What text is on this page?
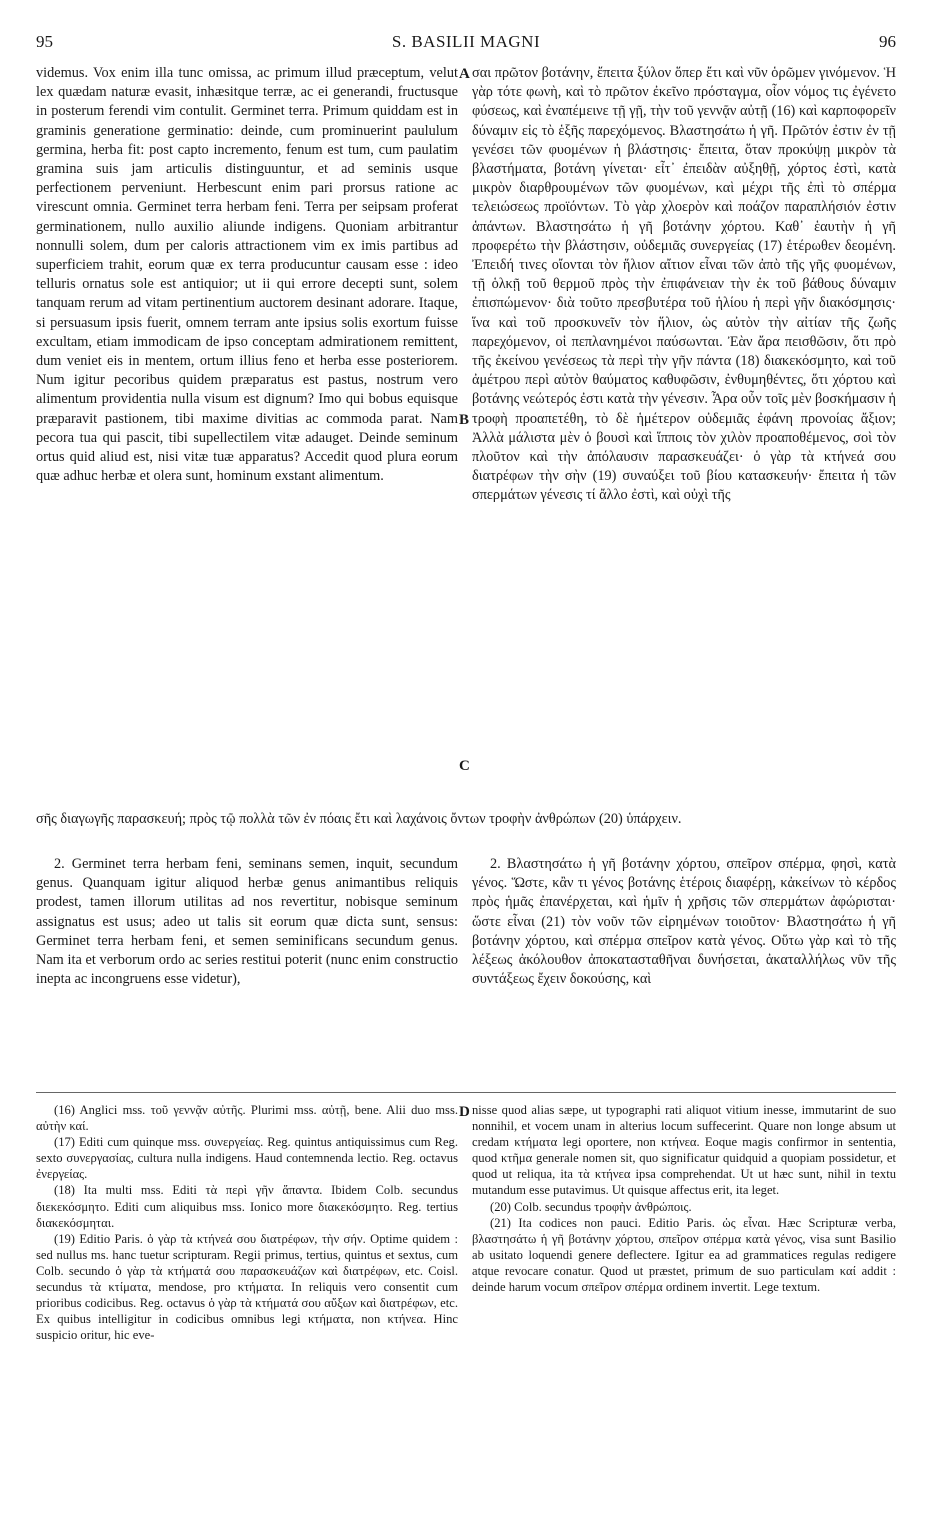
95	S. BASILII MAGNI	96

videmus. Vox enim illa tunc omissa, ac primum illud præceptum, velut lex quædam naturæ evasit, inhæsitque terræ, ac ei generandi, fructusque in posterum ferendi vim contulit. Germinet terra. Primum quiddam est in graminis generatione germinatio: deinde, cum prominuerint paululum germina, herba fit: post capto incremento, fenum est tum, cum paulatim gramina suis jam articulis distinguuntur, et ad seminis usque perfectionem perveniunt. Herbescunt enim pari prorsus ratione ac virescunt omnia. Germinet terra herbam feni. Terra per seipsam proferat germinationem, nullo auxilio aliunde indigens. Quoniam arbitrantur nonnulli solem, dum per caloris attractionem vim ex imis partibus ad superficiem trahit, eorum quæ ex terra producuntur causam esse : ideo telluris ornatus sole est antiquior; ut ii qui errore decepti sunt, solem tanquam rerum ad vitam pertinentium auctorem desinant adorare. Itaque, si persuasum ipsis fuerit, omnem terram ante ipsius solis exortum fuisse excultam, etiam immodicam de ipso conceptam admirationem remittent, dum veniet eis in mentem, ortum illius feno et herba esse posteriorem. Num igitur pecoribus quidem præparatus est pastus, nostrum vero alimentum providentia nulla visum est dignum? Imo qui bobus equisque præparavit pastionem, tibi maxime divitias ac commoda parat. Nam pecora tua qui pascit, tibi supellectilem vitæ adauget. Deinde seminum ortus quid aliud est, nisi vitæ tuæ apparatus? Accedit quod plura eorum quæ adhuc herbæ et olera sunt, hominum exstant alimentum.

A
B
C
D

σαι πρῶτον βοτάνην, ἔπειτα ξύλον ὅπερ ἔτι καὶ νῦν ὁρῶμεν γινόμενον. Ἡ γὰρ τότε φωνὴ, καὶ τὸ πρῶτον ἐκεῖνο πρόσταγμα, οἷον νόμος τις ἐγένετο φύσεως, καὶ ἐναπέμεινε τῇ γῇ, τὴν τοῦ γεννᾷν αὐτῇ (16) καὶ καρποφορεῖν δύναμιν εἰς τὸ ἑξῆς παρεχόμενος. Βλαστησάτω ἡ γῆ. Πρῶτόν ἐστιν ἐν τῇ γενέσει τῶν φυομένων ἡ βλάστησις· ἔπειτα, ὅταν προκύψῃ μικρὸν τὰ βλαστήματα, βοτάνη γίνεται· εἶτ᾽ ἐπειδὰν αὐξηθῇ, χόρτος ἐστὶ, κατὰ μικρὸν διαρθρουμένων τῶν φυομένων, καὶ μέχρι τῆς ἐπὶ τὸ σπέρμα τελειώσεως προϊόντων. Τὸ γὰρ χλοερὸν καὶ ποάζον παραπλήσιόν ἐστιν ἁπάντων. Βλαστησάτω ἡ γῆ βοτάνην χόρτου. Καθ᾽ ἑαυτὴν ἡ γῆ προφερέτω τὴν βλάστησιν, οὐδεμιᾶς συνεργείας (17) ἑτέρωθεν δεομένη. Ἐπειδή τινες οἴονται τὸν ἥλιον αἴτιον εἶναι τῶν ἀπὸ τῆς γῆς φυομένων, τῇ ὁλκῇ τοῦ θερμοῦ πρὸς τὴν ἐπιφάνειαν τὴν ἐκ τοῦ βάθους δύναμιν ἐπισπώμενον· διὰ τοῦτο πρεσβυτέρα τοῦ ἡλίου ἡ περὶ γῆν διακόσμησις· ἵνα καὶ τοῦ προσκυνεῖν τὸν ἥλιον, ὡς αὐτὸν τὴν αἰτίαν τῆς ζωῆς παρεχόμενον, οἱ πεπλανημένοι παύσωνται. Ἐὰν ἄρα πεισθῶσιν, ὅτι πρὸ τῆς ἐκείνου γενέσεως τὰ περὶ τὴν γῆν πάντα (18) διακεκόσμητο, καὶ τοῦ ἀμέτρου περὶ αὐτὸν θαύματος καθυφῶσιν, ἐνθυμηθέντες, ὅτι χόρτου καὶ βοτάνης νεώτερός ἐστι κατὰ τὴν γένεσιν. Ἆρα οὖν τοῖς μὲν βοσκήμασιν ἡ τροφὴ προαπετέθη, τὸ δὲ ἡμέτερον οὐδεμιᾶς ἐφάνη προνοίας ἄξιον; Ἀλλὰ μάλιστα μὲν ὁ βουσὶ καὶ ἵπποις τὸν χιλὸν προαποθέμενος, σοὶ τὸν πλοῦτον καὶ τὴν ἀπόλαυσιν παρασκευάζει· ὁ γὰρ τὰ κτήνεά σου διατρέφων τὴν σὴν (19) συναύξει τοῦ βίου κατασκευήν· ἔπειτα ἡ τῶν σπερμάτων γένεσις τί ἄλλο ἐστὶ, καὶ οὐχὶ τῆς

σῆς διαγωγῆς παρασκευή; πρὸς τῷ πολλὰ τῶν ἐν πόαις ἔτι καὶ λαχάνοις ὄντων τροφὴν ἀνθρώπων (20) ὑπάρχειν.

2. Germinet terra herbam feni, seminans semen, inquit, secundum genus. Quanquam igitur aliquod herbæ genus animantibus reliquis prodest, tamen illorum utilitas ad nos revertitur, nobisque seminum assignatus est usus; adeo ut talis sit eorum quæ dicta sunt, sensus: Germinet terra herbam feni, et semen seminificans secundum genus. Nam ita et verborum ordo ac series restitui poterit (nunc enim constructio inepta ac incongruens esse videtur),

2. Βλαστησάτω ἡ γῆ βοτάνην χόρτου, σπεῖρον σπέρμα, φησὶ, κατὰ γένος. Ὥστε, κἂν τι γένος βοτάνης ἑτέροις διαφέρῃ, κἀκείνων τὸ κέρδος πρὸς ἡμᾶς ἐπανέρχεται, καὶ ἡμῖν ἡ χρῆσις τῶν σπερμάτων ἀφώρισται· ὥστε εἶναι (21) τὸν νοῦν τῶν εἰρημένων τοιοῦτον· Βλαστησάτω ἡ γῆ βοτάνην χόρτου, καὶ σπέρμα σπεῖρον κατὰ γένος. Οὕτω γὰρ καὶ τὸ τῆς λέξεως ἀκόλουθον ἀποκατασταθῆναι δυνήσεται, ἀκαταλλήλως νῦν τῆς συντάξεως ἔχειν δοκούσης, καὶ

(16) Anglici mss. τοῦ γεννᾷν αὐτῆς. Plurimi mss. αὐτῇ, bene. Alii duo mss. αὐτὴν καί.

(17) Editi cum quinque mss. συνεργείας. Reg. quintus antiquissimus cum Reg. sexto συνεργασίας, cultura nulla indigens. Haud contemnenda lectio. Reg. octavus ἐνεργείας.

(18) Ita multi mss. Editi τὰ περὶ γῆν ἅπαντα. Ibidem Colb. secundus διεκεκόσμητο. Editi cum aliquibus mss. Ionico more διακεκόσμητο. Reg. tertius διακεκόσμηται.

(19) Editio Paris. ὁ γὰρ τὰ κτήνεά σου διατρέφων, τὴν σήν. Optime quidem : sed nullus ms. hanc tuetur scripturam. Regii primus, tertius, quintus et sextus, cum Colb. secundo ὁ γὰρ τὰ κτήματά σου παρασκευάζων καὶ διατρέφων, etc. Coisl. secundus τὰ κτίματα, mendose, pro κτήματα. In reliquis vero consentit cum prioribus codicibus. Reg. octavus ὁ γὰρ τὰ κτήματά σου αὔξων καὶ διατρέφων, etc. Ex quibus intelligitur in codicibus omnibus legi κτήματα, non κτήνεα. Hinc suspicio oritur, hic eve-

nisse quod alias sæpe, ut typographi rati aliquot vitium inesse, immutarint de suo nonnihil, et vocem unam in alterius locum suffecerint. Quare non longe absum ut credam κτήματα legi oportere, non κτήνεα. Eoque magis confirmor in sententia, quod κτῆμα generale nomen sit, quo significatur quidquid a quopiam possidetur, et quod ut reliqua, ita τὰ κτήνεα ipsa comprehendat. Ut ut hæc sunt, nihil in textu mutandum esse putavimus. Ut quisque affectus erit, ita leget.

(20) Colb. secundus τροφὴν ἀνθρώποις.

(21) Ita codices non pauci. Editio Paris. ὡς εἶναι. Hæc Scripturæ verba, βλαστησάτω ἡ γῆ βοτάνην χόρτου, σπεῖρον σπέρμα κατὰ γένος, visa sunt Basilio ab usitato loquendi genere deflectere. Igitur ea ad grammatices regulas redigere atque revocare conatur. Quod ut præstet, primum de suo particulam καί addit : deinde harum vocum σπεῖρον σπέρμα ordinem invertit. Lege textum.
